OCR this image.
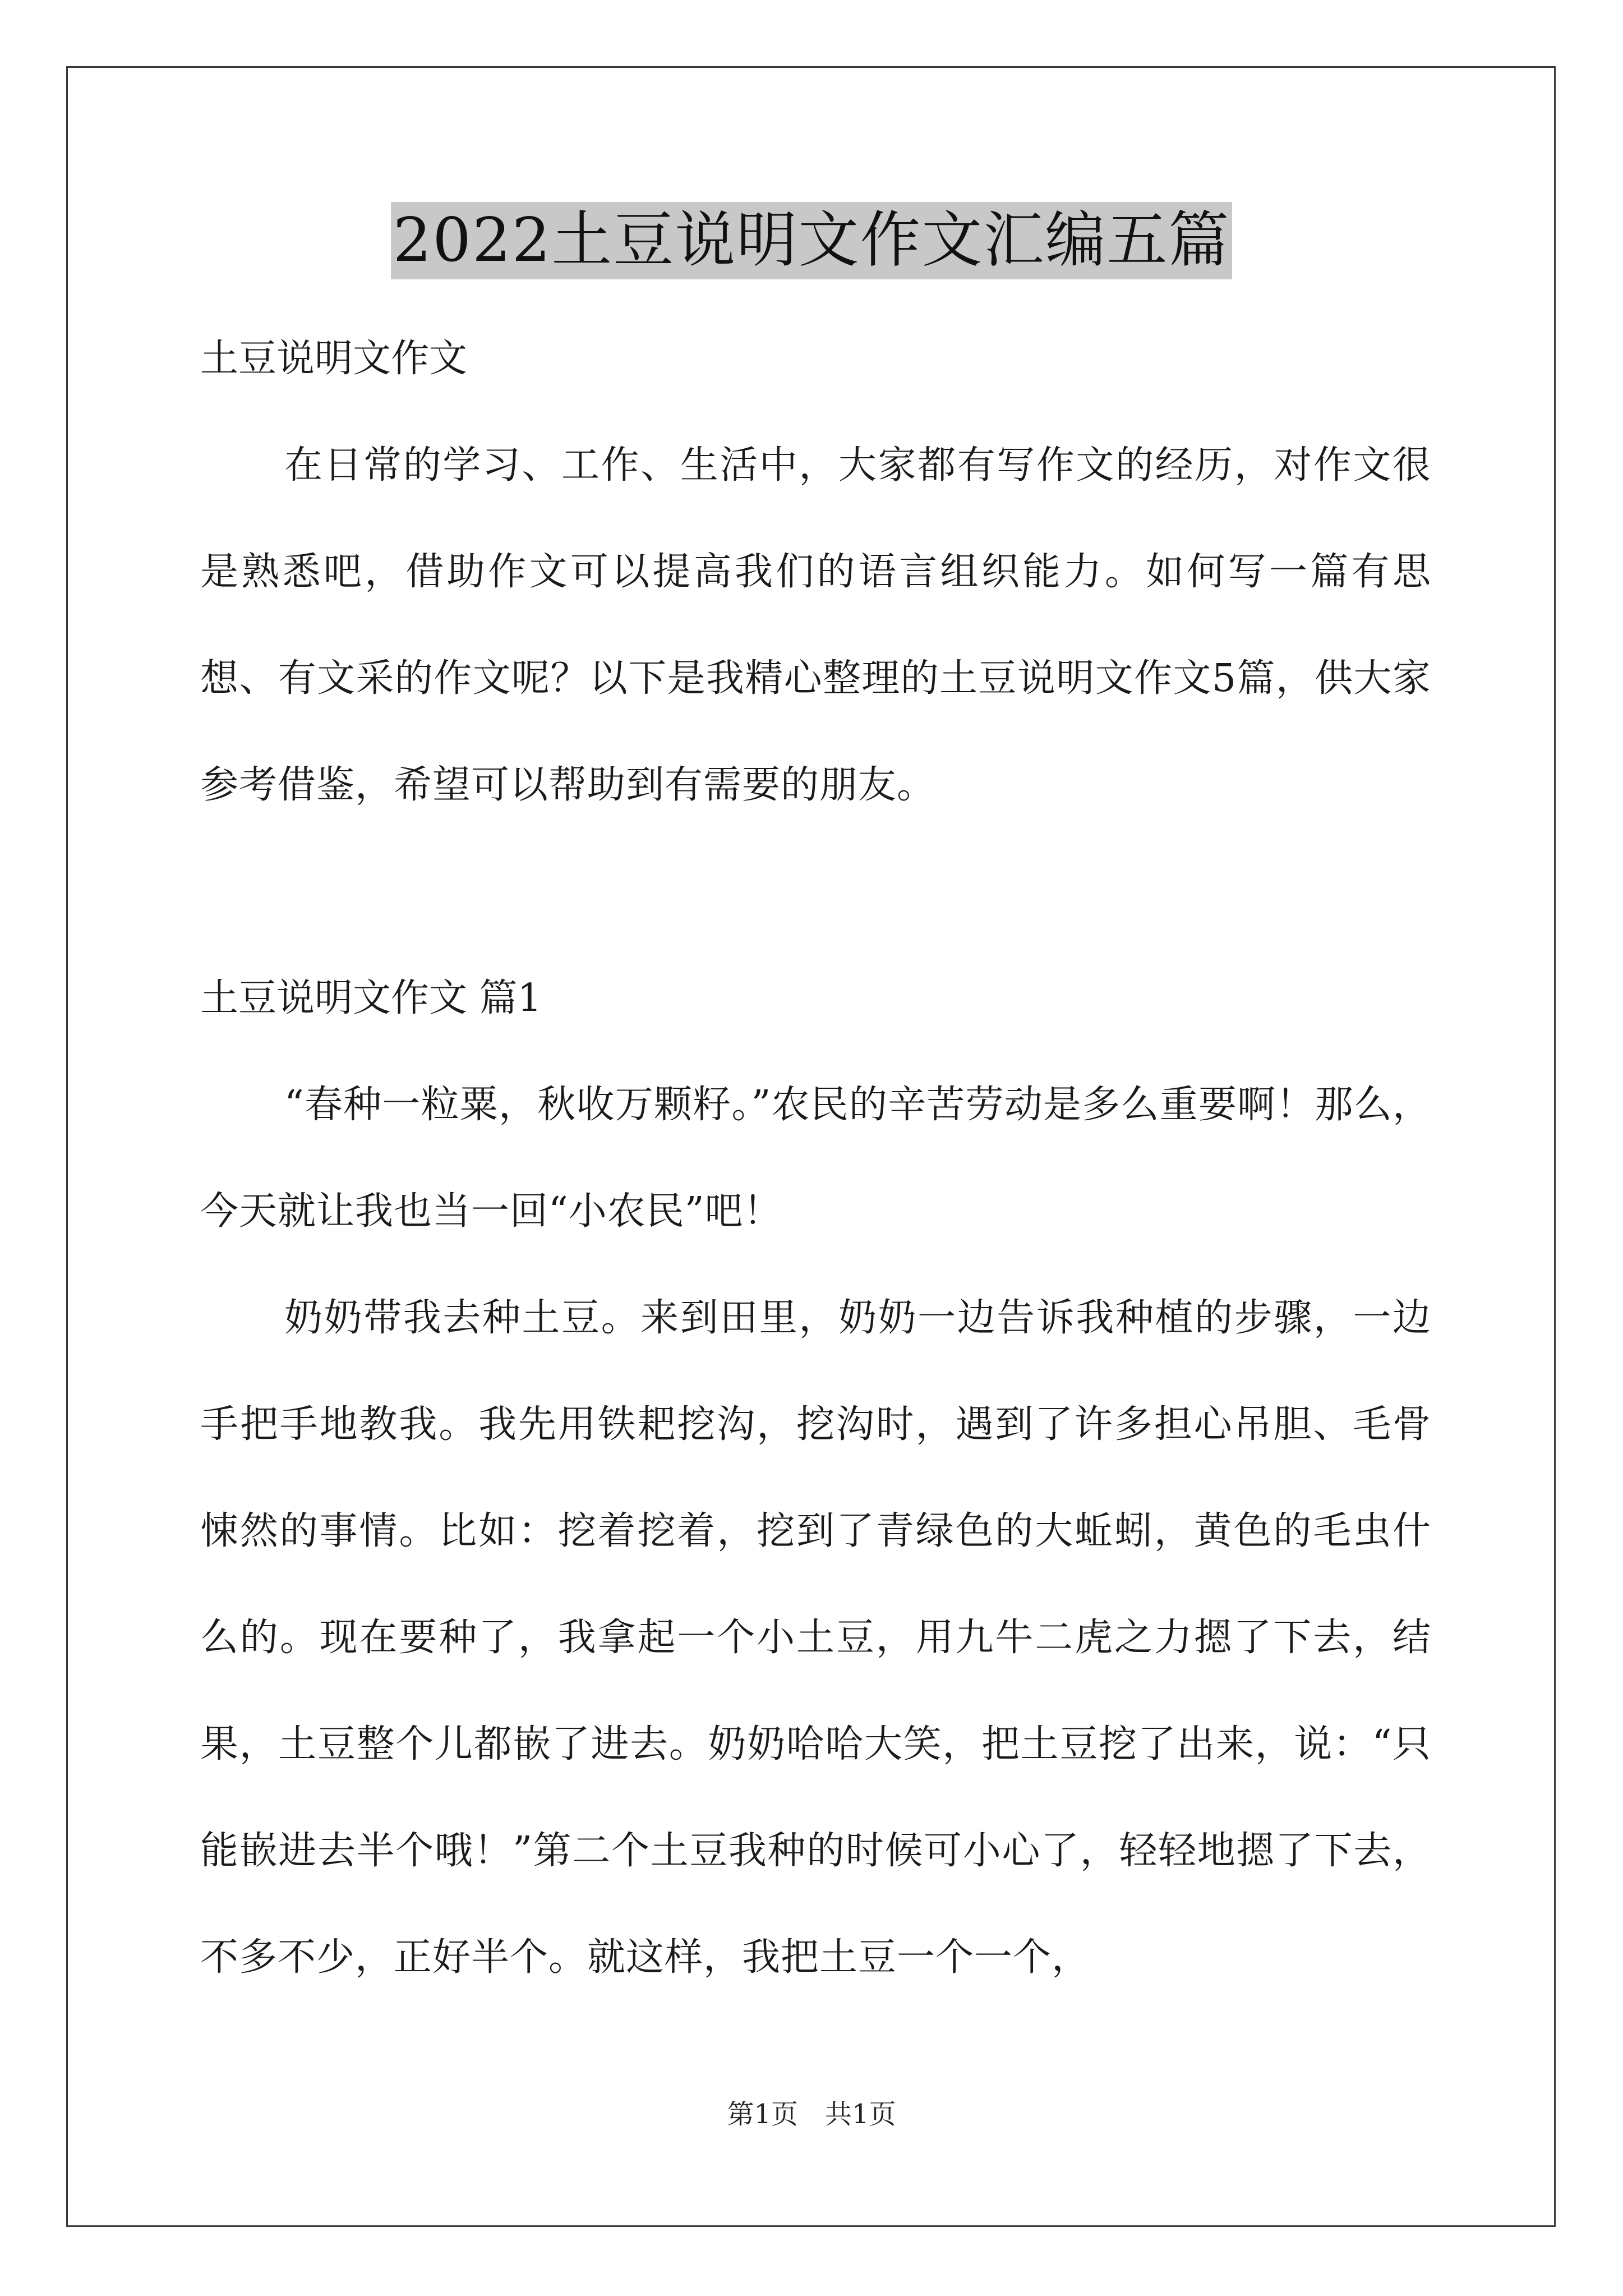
2022土豆说明文作文汇编五篇

土豆说明文作文

在日常的学习、工作、生活中，大家都有写作文的经历，对作文很是熟悉吧，借助作文可以提高我们的语言组织能力。如何写一篇有思想、有文采的作文呢？以下是我精心整理的土豆说明文作文5篇，供大家参考借鉴，希望可以帮助到有需要的朋友。

土豆说明文作文 篇1

“春种一粒粟，秋收万颗籽。”农民的辛苦劳动是多么重要啊！那么，今天就让我也当一回“小农民”吧！

奶奶带我去种土豆。来到田里，奶奶一边告诉我种植的步骤，一边手把手地教我。我先用铁耙挖沟，挖沟时，遇到了许多担心吊胆、毛骨悚然的事情。比如：挖着挖着，挖到了青绿色的大蚯蚓，黄色的毛虫什么的。现在要种了，我拿起一个小土豆，用九牛二虎之力摁了下去，结果，土豆整个儿都嵌了进去。奶奶哈哈大笑，把土豆挖了出来，说：“只能嵌进去半个哦！”第二个土豆我种的时候可小心了，轻轻地摁了下去，不多不少，正好半个。就这样，我把土豆一个一个，

第1页 共1页
